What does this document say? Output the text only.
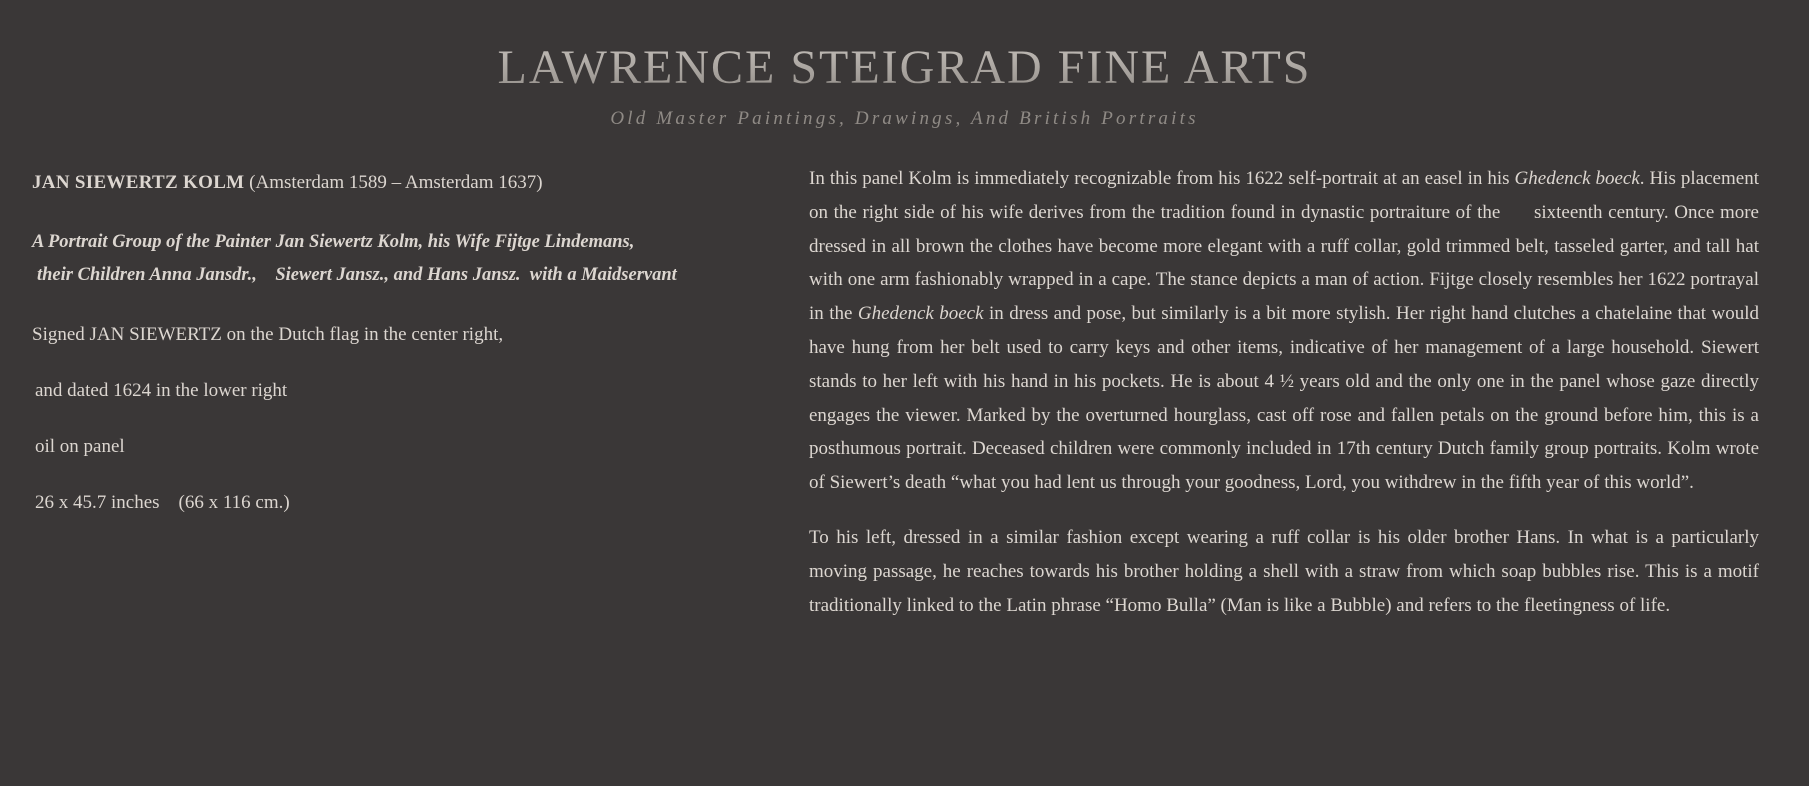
LAWRENCE STEIGRAD FINE ARTS
Old Master Paintings, Drawings, And British Portraits
JAN SIEWERTZ KOLM (Amsterdam 1589 – Amsterdam 1637)
A Portrait Group of the Painter Jan Siewertz Kolm, his Wife Fijtge Lindemans,
their Children Anna Jansdr.,    Siewert Jansz., and Hans Jansz.  with a Maidservant
Signed JAN SIEWERTZ on the Dutch flag in the center right,
and dated 1624 in the lower right
oil on panel
26 x 45.7 inches    (66 x 116 cm.)

In this panel Kolm is immediately recognizable from his 1622 self-portrait at an easel in his Ghedenck boeck. His placement on the right side of his wife derives from the tradition found in dynastic portraiture of the sixteenth century. Once more dressed in all brown the clothes have become more elegant with a ruff collar, gold trimmed belt, tasseled garter, and tall hat with one arm fashionably wrapped in a cape. The stance depicts a man of action. Fijtge closely resembles her 1622 portrayal in the Ghedenck boeck in dress and pose, but similarly is a bit more stylish. Her right hand clutches a chatelaine that would have hung from her belt used to carry keys and other items, indicative of her management of a large household. Siewert stands to her left with his hand in his pockets. He is about 4 ½ years old and the only one in the panel whose gaze directly engages the viewer. Marked by the overturned hourglass, cast off rose and fallen petals on the ground before him, this is a posthumous portrait. Deceased children were commonly included in 17th century Dutch family group portraits. Kolm wrote of Siewert’s death “what you had lent us through your goodness, Lord, you withdrew in the fifth year of this world”.

To his left, dressed in a similar fashion except wearing a ruff collar is his older brother Hans. In what is a particularly moving passage, he reaches towards his brother holding a shell with a straw from which soap bubbles rise. This is a motif traditionally linked to the Latin phrase “Homo Bulla” (Man is like a Bubble) and refers to the fleetingness of life.
